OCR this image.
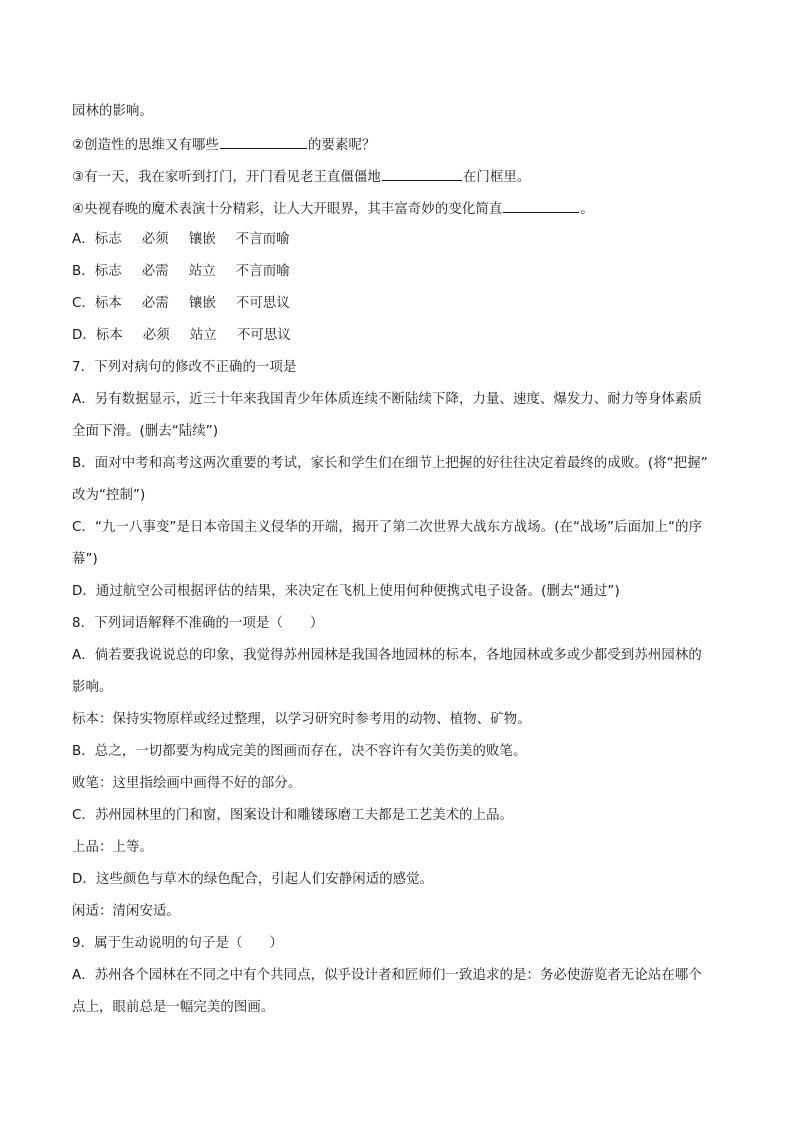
园林的影响。
②创造性的思维又有哪些	的要素呢？
③有一天，我在家听到打门，开门看见老王直僵僵地	在门框里。
④央视春晚的魔术表演十分精彩，让人大开眼界，其丰富奇妙的变化简直	。
A．标志 必须 镶嵌 不言而喻
B．标志 必需 站立 不言而喻
C．标本 必需 镶嵌 不可思议
D．标本 必须 站立 不可思议
7．下列对病句的修改不正确的一项是
A．另有数据显示，近三十年来我国青少年体质连续不断陆续下降，力量、速度、爆发力、耐力等身体素质
全面下滑。(删去“陆续”)
B．面对中考和高考这两次重要的考试，家长和学生们在细节上把握的好往往决定着最终的成败。(将“把握”
改为“控制”)
C．“九一八事变”是日本帝国主义侵华的开端，揭开了第二次世界大战东方战场。(在“战场”后面加上“的序
幕”)
D．通过航空公司根据评估的结果，来决定在飞机上使用何种便携式电子设备。(删去“通过”)
8．下列词语解释不准确的一项是（　　）
A．倘若要我说说总的印象，我觉得苏州园林是我国各地园林的标本，各地园林或多或少都受到苏州园林的
影响。
标本：保持实物原样或经过整理，以学习研究时参考用的动物、植物、矿物。
B．总之，一切都要为构成完美的图画而存在，决不容许有欠美伤美的败笔。
败笔：这里指绘画中画得不好的部分。
C．苏州园林里的门和窗，图案设计和雕镂琢磨工夫都是工艺美术的上品。
上品：上等。
D．这些颜色与草木的绿色配合，引起人们安静闲适的感觉。
闲适：清闲安适。
9．属于生动说明的句子是（　　）
A．苏州各个园林在不同之中有个共同点，似乎设计者和匠师们一致追求的是：务必使游览者无论站在哪个
点上，眼前总是一幅完美的图画。
